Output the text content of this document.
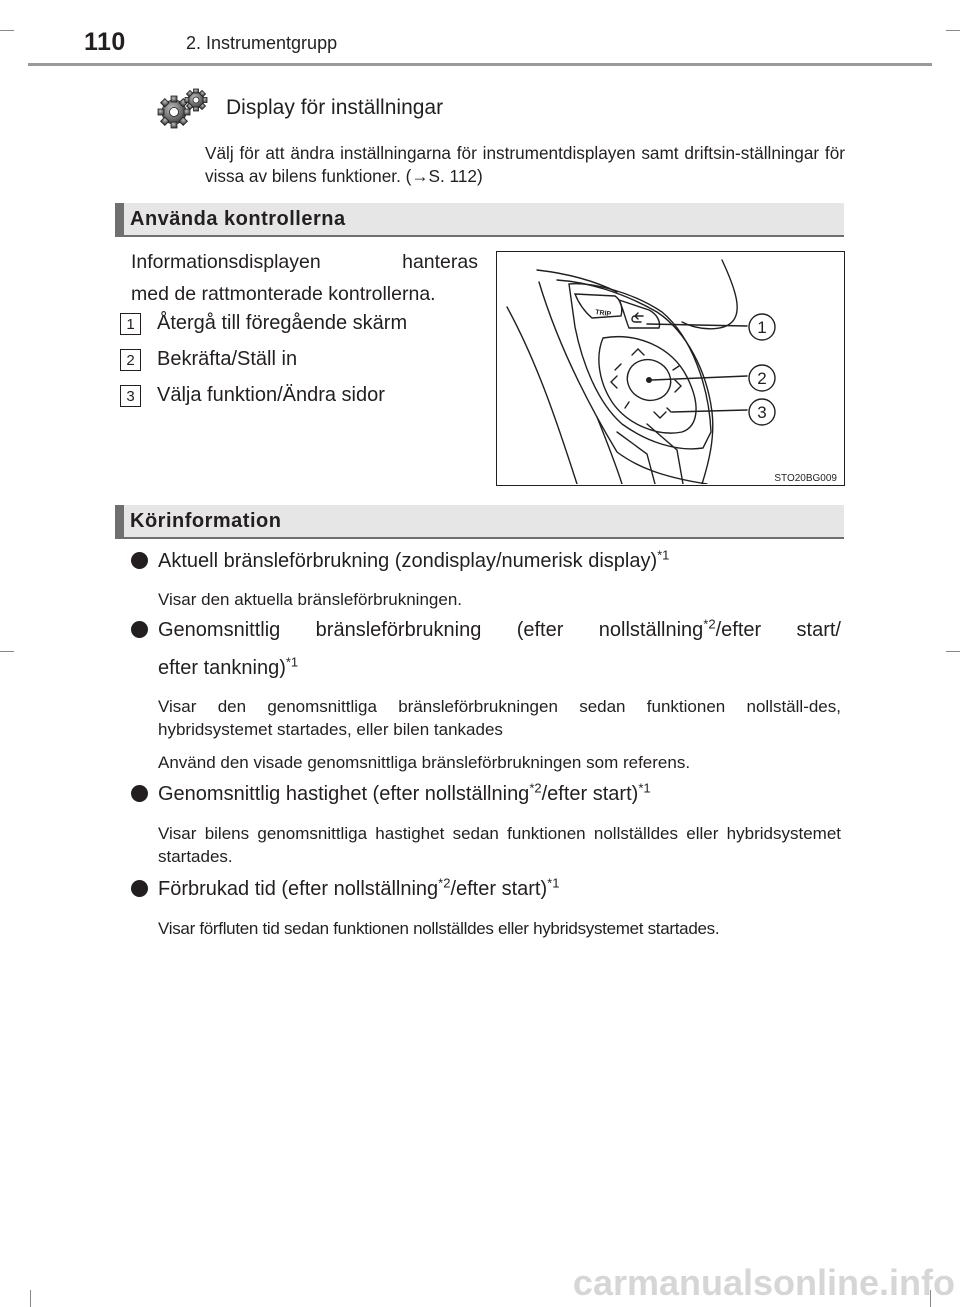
110	2. Instrumentgrupp
Display för inställningar
Välj för att ändra inställningarna för instrumentdisplayen samt driftsin-ställningar för vissa av bilens funktioner. (→S. 112)
Använda kontrollerna
Informationsdisplayen hanteras
med de rattmonterade kontrollerna.
1	Återgå till föregående skärm
2	Bekräfta/Ställ in
3	Välja funktion/Ändra sidor
TRIP
1
2
3
STO20BG009
Körinformation
Aktuell bränsleförbrukning (zondisplay/numerisk display)$^{*1}$
Visar den aktuella bränsleförbrukningen.
Genomsnittlig bränsleförbrukning (efter nollställning$^{*2}$/efter start/
efter tankning)$^{*1}$
Visar den genomsnittliga bränsleförbrukningen sedan funktionen nollställ-des, hybridsystemet startades, eller bilen tankades
Använd den visade genomsnittliga bränsleförbrukningen som referens.
Genomsnittlig hastighet (efter nollställning$^{*2}$/efter start)$^{*1}$
Visar bilens genomsnittliga hastighet sedan funktionen nollställdes eller hybridsystemet startades.
Förbrukad tid (efter nollställning$^{*2}$/efter start)$^{*1}$
Visar förfluten tid sedan funktionen nollställdes eller hybridsystemet startades.
carmanualsonline.info
